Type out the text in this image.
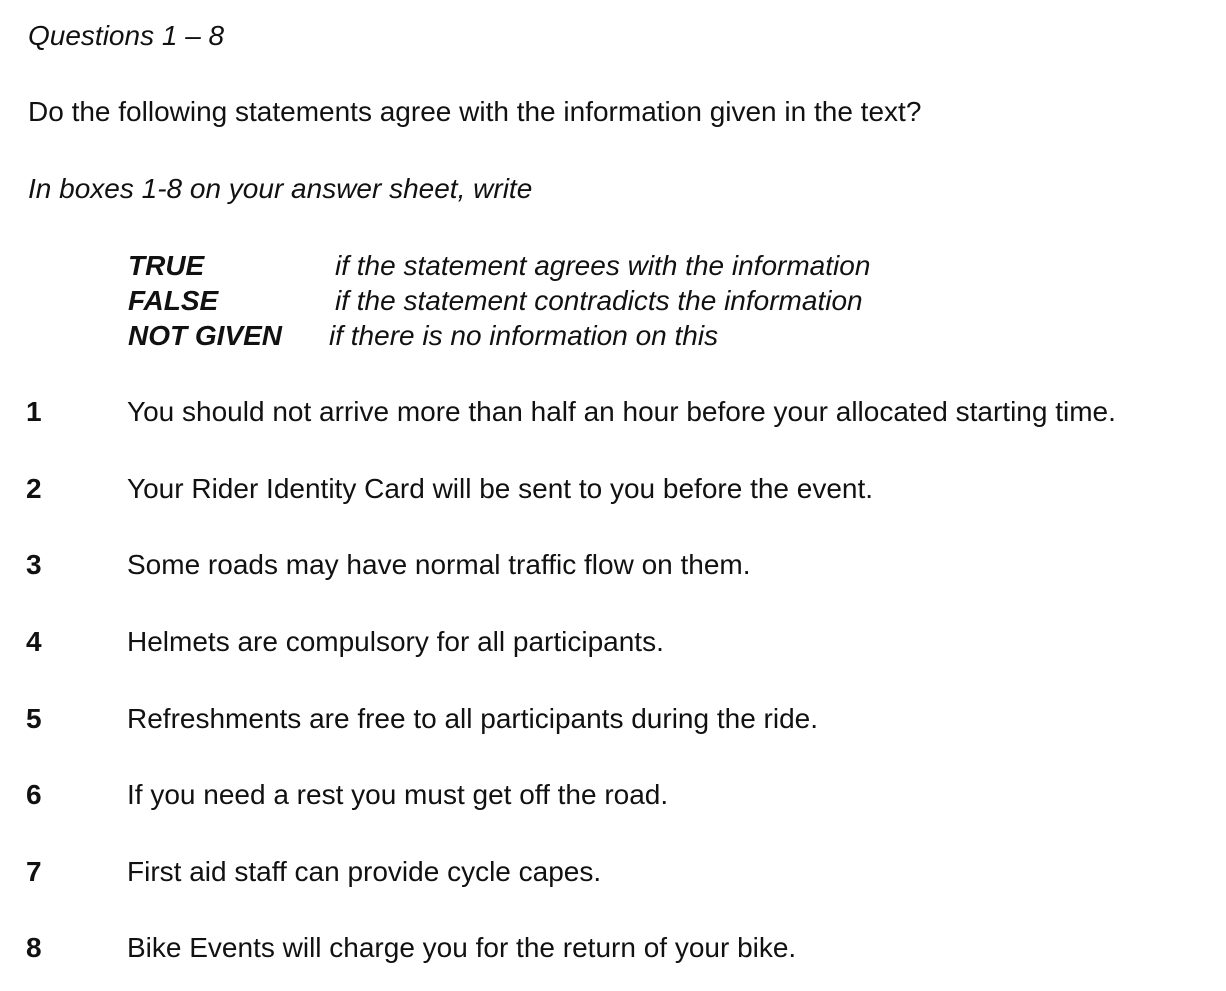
Questions 1 – 8
Do the following statements agree with the information given in the text?
In boxes 1-8 on your answer sheet, write
TRUE	if the statement agrees with the information
FALSE	if the statement contradicts the information
NOT GIVEN if there is no information on this
1	You should not arrive more than half an hour before your allocated starting time.
2	Your Rider Identity Card will be sent to you before the event.
3	Some roads may have normal traffic flow on them.
4	Helmets are compulsory for all participants.
5	Refreshments are free to all participants during the ride.
6	If you need a rest you must get off the road.
7	First aid staff can provide cycle capes.
8	Bike Events will charge you for the return of your bike.
